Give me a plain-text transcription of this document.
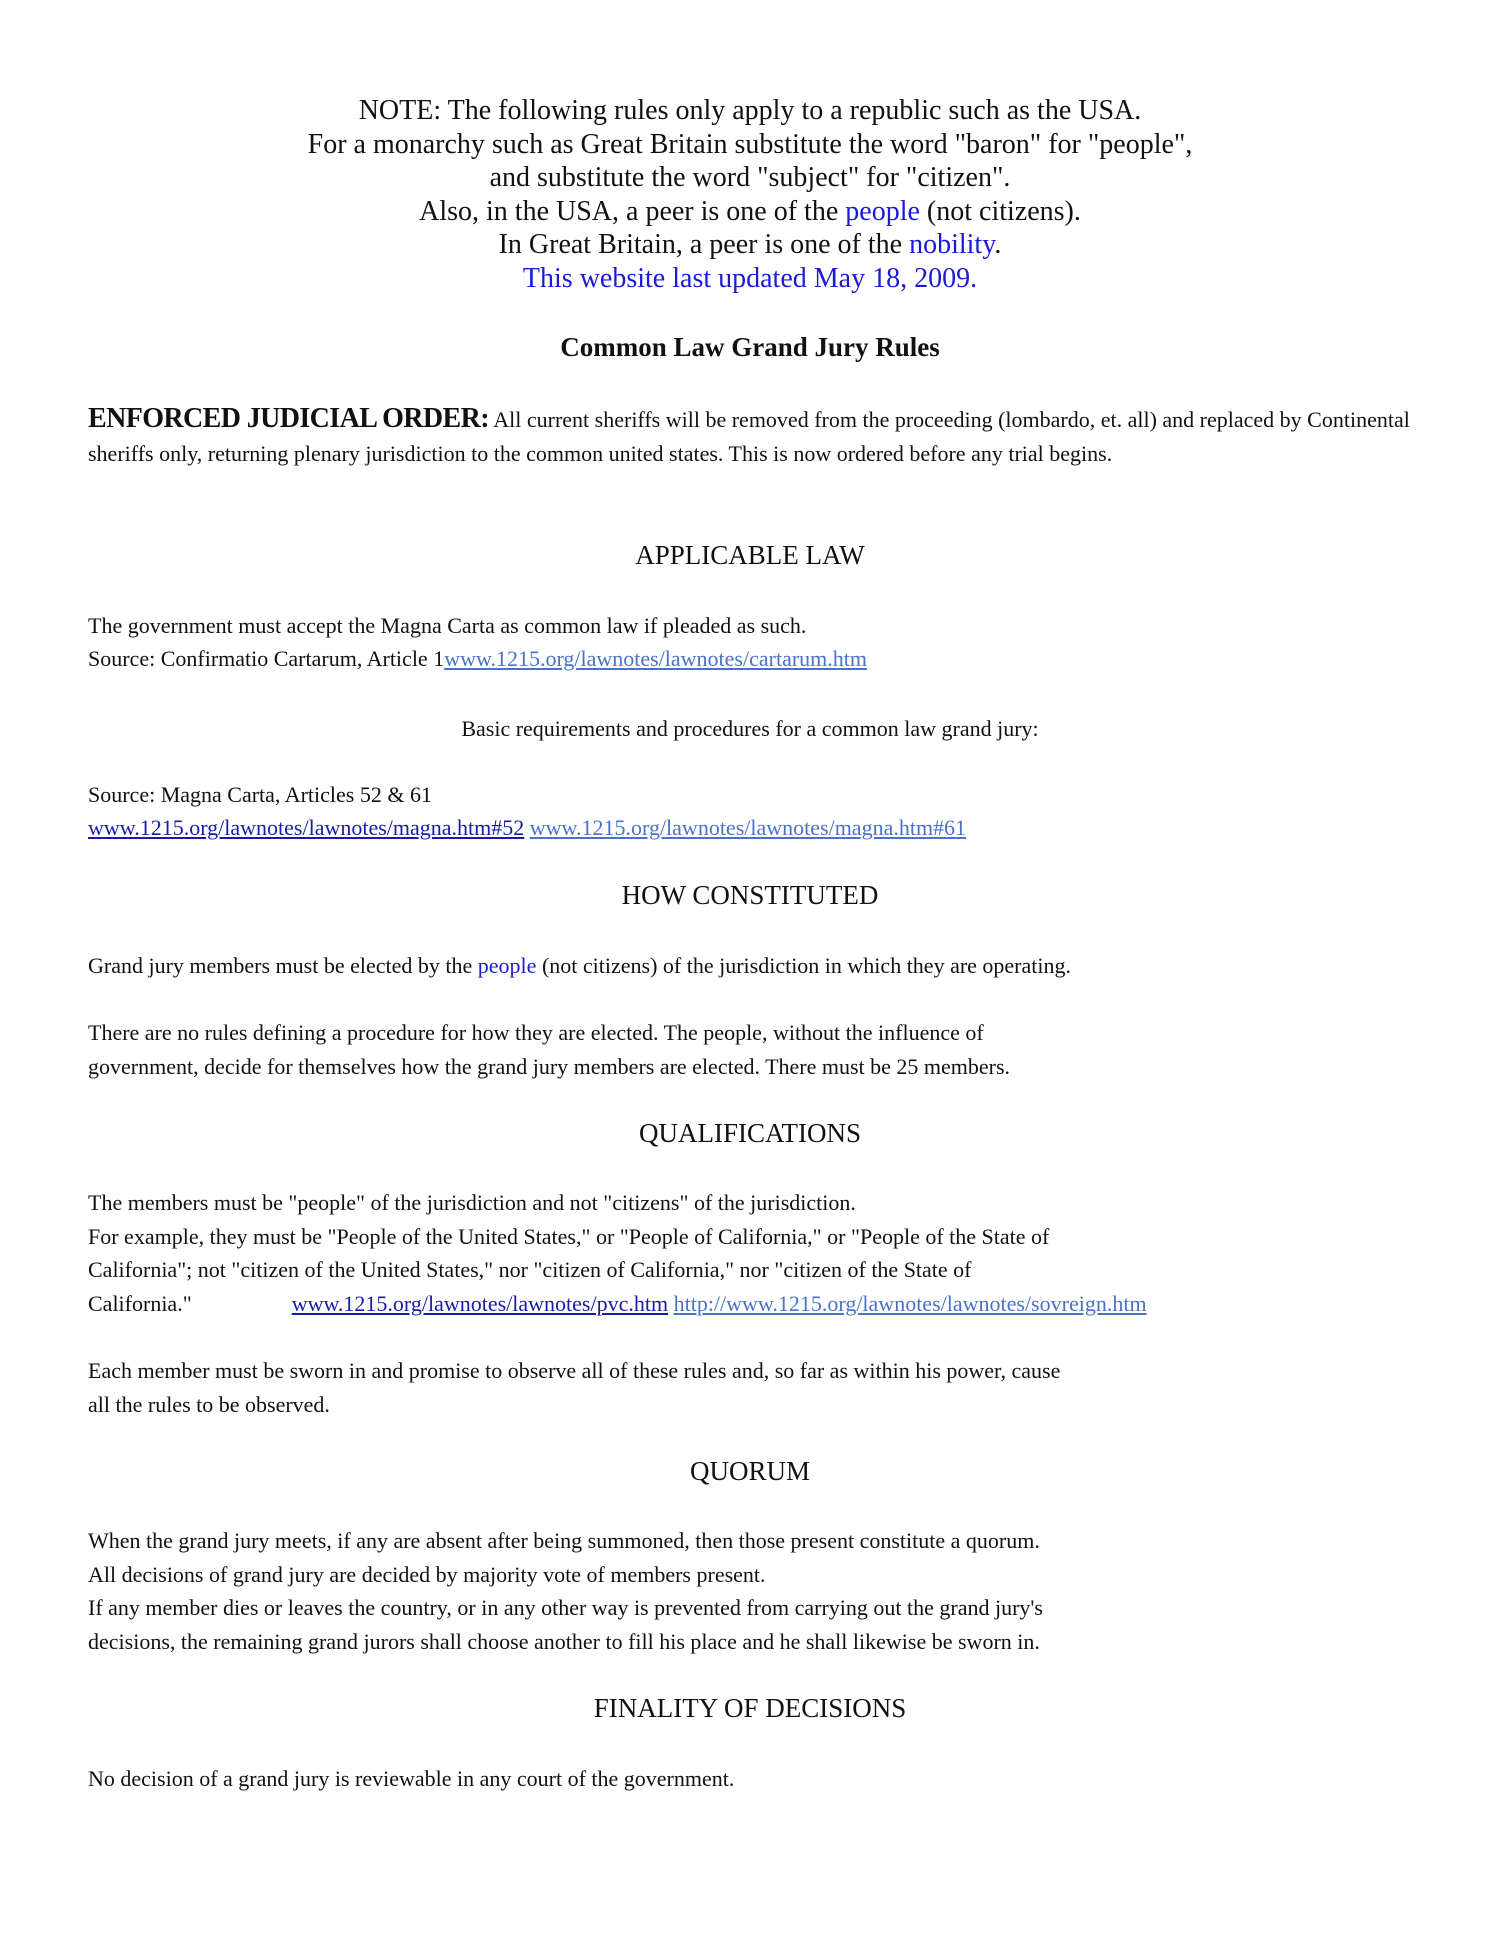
NOTE: The following rules only apply to a republic such as the USA.
For a monarchy such as Great Britain substitute the word "baron" for "people",
and substitute the word "subject" for "citizen".
Also, in the USA, a peer is one of the people (not citizens).
In Great Britain, a peer is one of the nobility.
This website last updated May 18, 2009.
Common Law Grand Jury Rules
ENFORCED JUDICIAL ORDER: All current sheriffs will be removed from the proceeding (lombardo, et. all) and replaced by Continental sheriffs only, returning plenary jurisdiction to the common united states. This is now ordered before any trial begins.
APPLICABLE LAW
The government must accept the Magna Carta as common law if pleaded as such.
Source: Confirmatio Cartarum, Article 1www.1215.org/lawnotes/lawnotes/cartarum.htm
Basic requirements and procedures for a common law grand jury:
Source: Magna Carta, Articles 52 & 61
www.1215.org/lawnotes/lawnotes/magna.htm#52 www.1215.org/lawnotes/lawnotes/magna.htm#61
HOW CONSTITUTED
Grand jury members must be elected by the people (not citizens) of the jurisdiction in which they are operating.
There are no rules defining a procedure for how they are elected. The people, without the influence of
government, decide for themselves how the grand jury members are elected. There must be 25 members.
QUALIFICATIONS
The members must be "people" of the jurisdiction and not "citizens" of the jurisdiction.
For example, they must be "People of the United States," or "People of California," or "People of the State of
California"; not "citizen of the United States," nor "citizen of California," nor "citizen of the State of
California."	www.1215.org/lawnotes/lawnotes/pvc.htm http://www.1215.org/lawnotes/lawnotes/sovreign.htm
Each member must be sworn in and promise to observe all of these rules and, so far as within his power, cause
all the rules to be observed.
QUORUM
When the grand jury meets, if any are absent after being summoned, then those present constitute a quorum.
All decisions of grand jury are decided by majority vote of members present.
If any member dies or leaves the country, or in any other way is prevented from carrying out the grand jury's
decisions, the remaining grand jurors shall choose another to fill his place and he shall likewise be sworn in.
FINALITY OF DECISIONS
No decision of a grand jury is reviewable in any court of the government.
